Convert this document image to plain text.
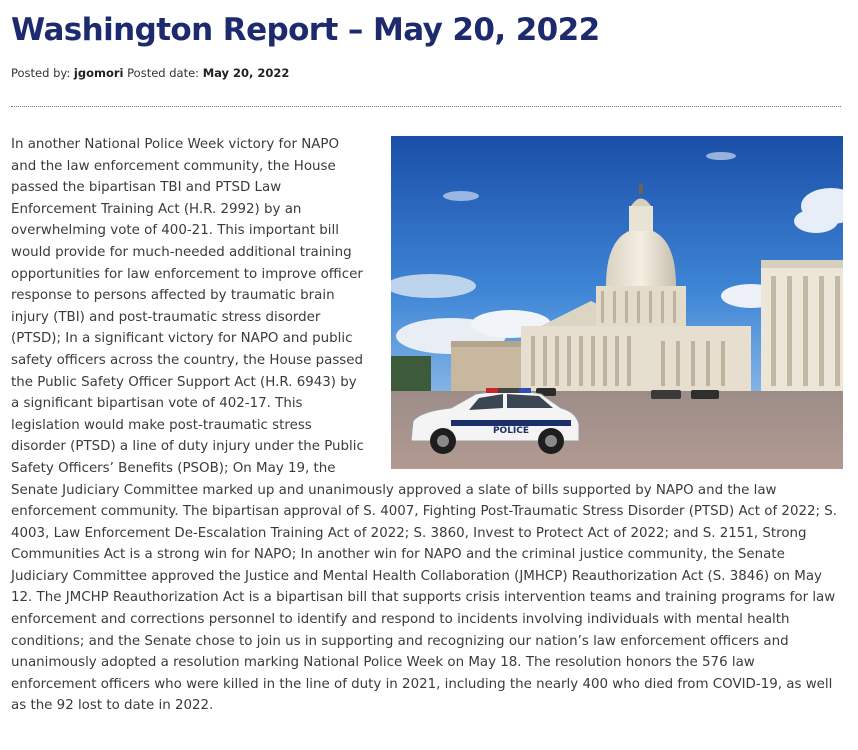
Washington Report – May 20, 2022
Posted by: jgomori Posted date: May 20, 2022
POLICE
In another National Police Week victory for NAPO and the law enforcement community, the House passed the bipartisan TBI and PTSD Law Enforcement Training Act (H.R. 2992) by an overwhelming vote of 400-21. This important bill would provide for much-needed additional training opportunities for law enforcement to improve officer response to persons affected by traumatic brain injury (TBI) and post-traumatic stress disorder (PTSD); In a significant victory for NAPO and public safety officers across the country, the House passed the Public Safety Officer Support Act (H.R. 6943) by a significant bipartisan vote of 402-17. This legislation would make post-traumatic stress disorder (PTSD) a line of duty injury under the Public Safety Officers’ Benefits (PSOB); On May 19, the Senate Judiciary Committee marked up and unanimously approved a slate of bills supported by NAPO and the law enforcement community. The bipartisan approval of S. 4007, Fighting Post-Traumatic Stress Disorder (PTSD) Act of 2022; S. 4003, Law Enforcement De-Escalation Training Act of 2022; S. 3860, Invest to Protect Act of 2022; and S. 2151, Strong Communities Act is a strong win for NAPO; In another win for NAPO and the criminal justice community, the Senate Judiciary Committee approved the Justice and Mental Health Collaboration (JMHCP) Reauthorization Act (S. 3846) on May 12. The JMCHP Reauthorization Act is a bipartisan bill that supports crisis intervention teams and training programs for law enforcement and corrections personnel to identify and respond to incidents involving individuals with mental health conditions; and the Senate chose to join us in supporting and recognizing our nation’s law enforcement officers and unanimously adopted a resolution marking National Police Week on May 18. The resolution honors the 576 law enforcement officers who were killed in the line of duty in 2021, including the nearly 400 who died from COVID-19, as well as the 92 lost to date in 2022.
